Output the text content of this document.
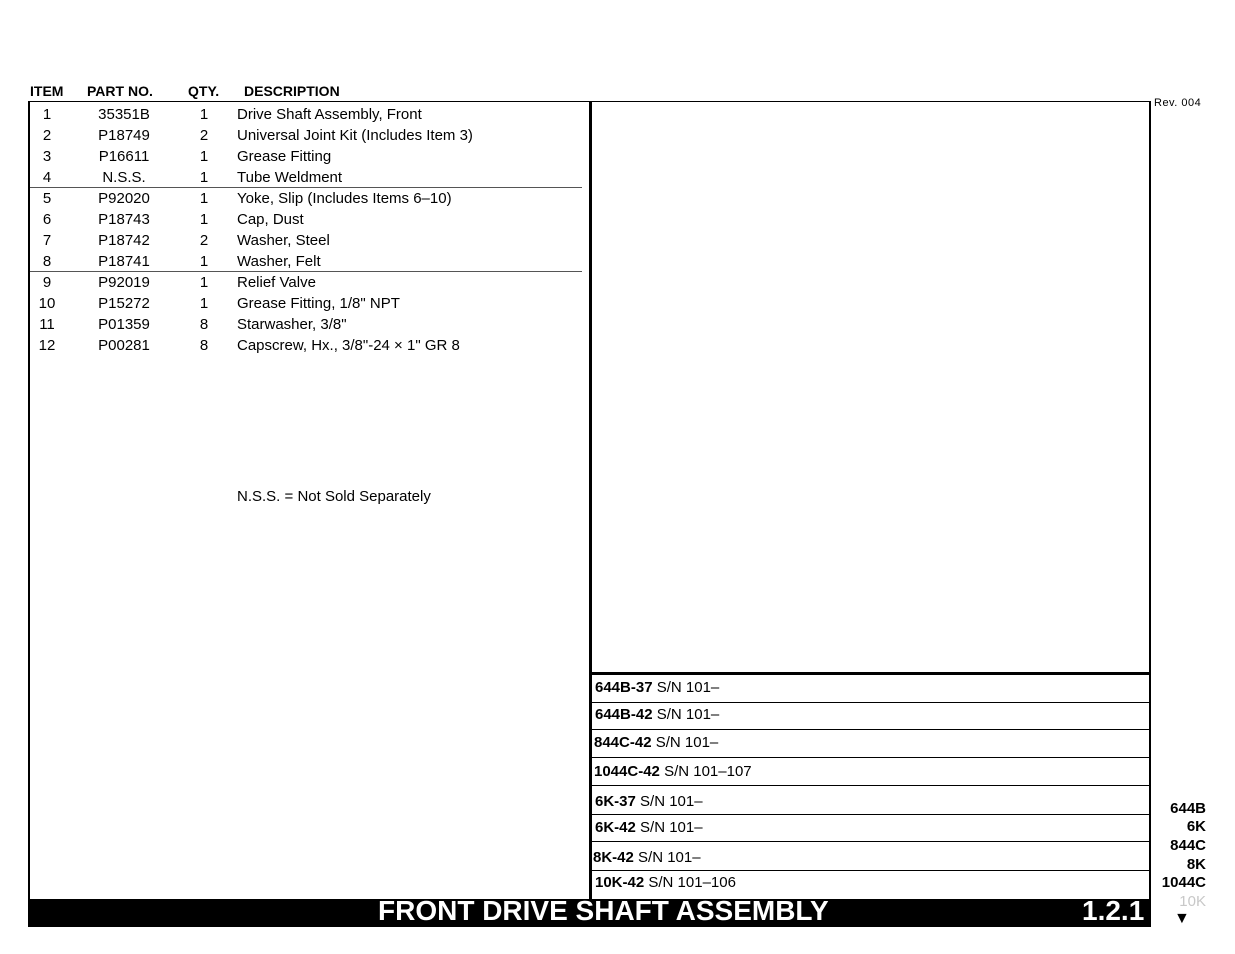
ITEM PART NO.	QTY. DESCRIPTION
Rev. 004
1	35351B	1	Drive Shaft Assembly, Front
2	P18749	2	Universal Joint Kit (Includes Item 3)
3	P16611	1	Grease Fitting
4	N.S.S.	1	Tube Weldment
5	P92020	1	Yoke, Slip (Includes Items 6–10)
6	P18743	1	Cap, Dust
7	P18742	2	Washer, Steel
8	P18741	1	Washer, Felt
9	P92019	1	Relief Valve
10	P15272	1	Grease Fitting, 1/8" NPT
11	P01359	8	Starwasher, 3/8"
12	P00281	8	Capscrew, Hx., 3/8"-24 × 1" GR 8
N.S.S. = Not Sold Separately
644B-37 S/N 101–
644B-42 S/N 101–
844C-42 S/N 101–
1044C-42 S/N 101–107
6K-37 S/N 101–
6K-42 S/N 101–
8K-42 S/N 101–
10K-42 S/N 101–106
644B
6K
844C
8K
1044C
10K
FRONT DRIVE SHAFT ASSEMBLY	1.2.1 ▼
